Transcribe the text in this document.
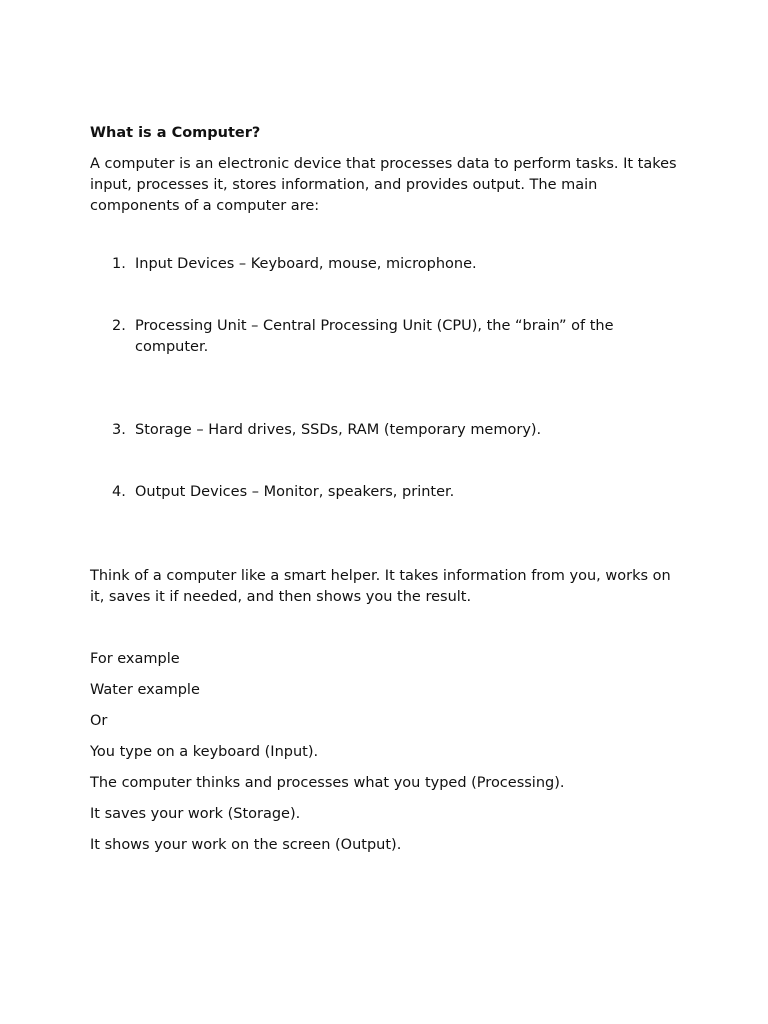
What is a Computer?

A computer is an electronic device that processes data to perform tasks. It takes input, processes it, stores information, and provides output. The main components of a computer are:

1. Input Devices – Keyboard, mouse, microphone.
2. Processing Unit – Central Processing Unit (CPU), the “brain” of the computer.
3. Storage – Hard drives, SSDs, RAM (temporary memory).
4. Output Devices – Monitor, speakers, printer.

Think of a computer like a smart helper. It takes information from you, works on it, saves it if needed, and then shows you the result.

For example

Water example

Or

You type on a keyboard (Input).

The computer thinks and processes what you typed (Processing).

It saves your work (Storage).

It shows your work on the screen (Output).
